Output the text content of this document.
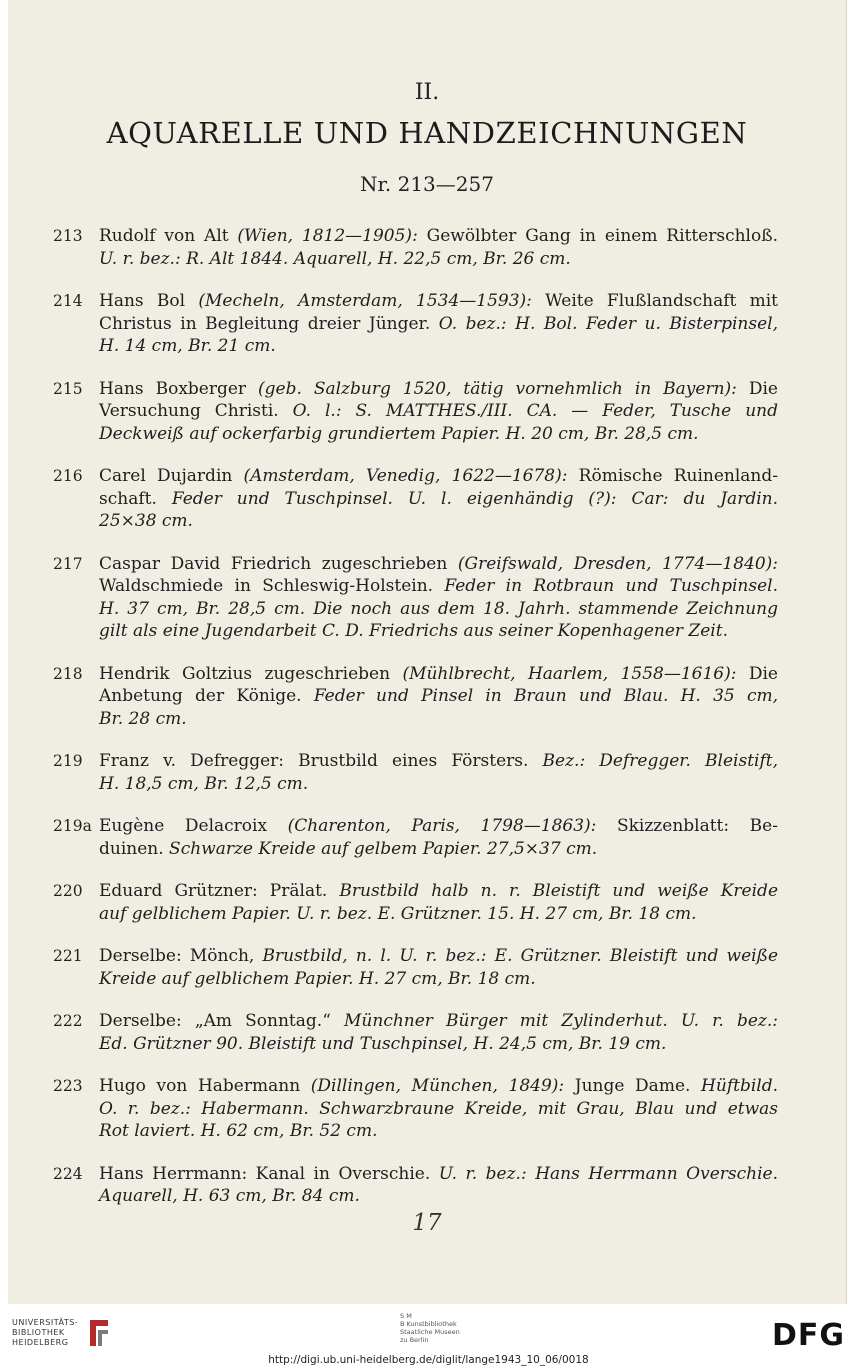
II.
AQUARELLE UND HANDZEICHNUNGEN
Nr. 213—257
213 Rudolf von Alt (Wien, 1812—1905): Gewölbter Gang in einem Ritterschloß.
U. r. bez.: R. Alt 1844. Aquarell, H. 22,5 cm, Br. 26 cm.
214 Hans Bol (Mecheln, Amsterdam, 1534—1593): Weite Flußlandschaft mit
Christus in Begleitung dreier Jünger. O. bez.: H. Bol. Feder u. Bisterpinsel,
H. 14 cm, Br. 21 cm.
215 Hans Boxberger (geb. Salzburg 1520, tätig vornehmlich in Bayern): Die
Versuchung Christi. O. l.: S. MATTHES./III. CA. — Feder, Tusche und
Deckweiß auf ockerfarbig grundiertem Papier. H. 20 cm, Br. 28,5 cm.
216 Carel Dujardin (Amsterdam, Venedig, 1622—1678): Römische Ruinenland-
schaft. Feder und Tuschpinsel. U. l. eigenhändig (?): Car: du Jardin.
25×38 cm.
217 Caspar David Friedrich zugeschrieben (Greifswald, Dresden, 1774—1840):
Waldschmiede in Schleswig-Holstein. Feder in Rotbraun und Tuschpinsel.
H. 37 cm, Br. 28,5 cm. Die noch aus dem 18. Jahrh. stammende Zeichnung
gilt als eine Jugendarbeit C. D. Friedrichs aus seiner Kopenhagener Zeit.
218 Hendrik Goltzius zugeschrieben (Mühlbrecht, Haarlem, 1558—1616): Die
Anbetung der Könige. Feder und Pinsel in Braun und Blau. H. 35 cm,
Br. 28 cm.
219 Franz v. Defregger: Brustbild eines Försters. Bez.: Defregger. Bleistift,
H. 18,5 cm, Br. 12,5 cm.
219a Eugène Delacroix (Charenton, Paris, 1798—1863): Skizzenblatt: Be-
duinen. Schwarze Kreide auf gelbem Papier. 27,5×37 cm.
220 Eduard Grützner: Prälat. Brustbild halb n. r. Bleistift und weiße Kreide
auf gelblichem Papier. U. r. bez. E. Grützner. 15. H. 27 cm, Br. 18 cm.
221 Derselbe: Mönch, Brustbild, n. l. U. r. bez.: E. Grützner. Bleistift und weiße
Kreide auf gelblichem Papier. H. 27 cm, Br. 18 cm.
222 Derselbe: „Am Sonntag.“ Münchner Bürger mit Zylinderhut. U. r. bez.:
Ed. Grützner 90. Bleistift und Tuschpinsel, H. 24,5 cm, Br. 19 cm.
223 Hugo von Habermann (Dillingen, München, 1849): Junge Dame. Hüftbild.
O. r. bez.: Habermann. Schwarzbraune Kreide, mit Grau, Blau und etwas
Rot laviert. H. 62 cm, Br. 52 cm.
224 Hans Herrmann: Kanal in Overschie. U. r. bez.: Hans Herrmann Overschie.
Aquarell, H. 63 cm, Br. 84 cm.
17
UNIVERSITÄTS-
BIBLIOTHEK
HEIDELBERG
S M
B Kunstbibliothek
Staatliche Museen
zu Berlin	DFG
http://digi.ub.uni-heidelberg.de/diglit/lange1943_10_06/0018
